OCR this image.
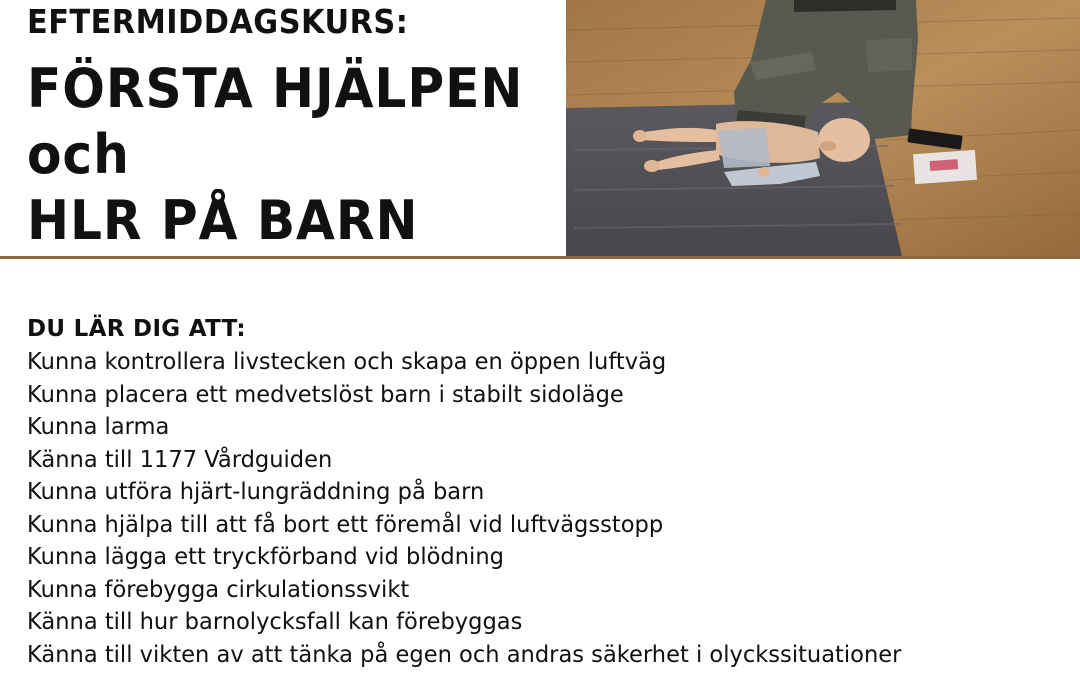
EFTERMIDDAGSKURS:

FÖRSTA HJÄLPEN

och

HLR PÅ BARN

DU LÄR DIG ATT:

Kunna kontrollera livstecken och skapa en öppen luftväg
Kunna placera ett medvetslöst barn i stabilt sidoläge
Kunna larma
Känna till 1177 Vårdguiden
Kunna utföra hjärt-lungräddning på barn
Kunna hjälpa till att få bort ett föremål vid luftvägsstopp
Kunna lägga ett tryckförband vid blödning
Kunna förebygga cirkulationssvikt
Känna till hur barnolycksfall kan förebyggas
Känna till vikten av att tänka på egen och andras säkerhet i olyckssituationer
